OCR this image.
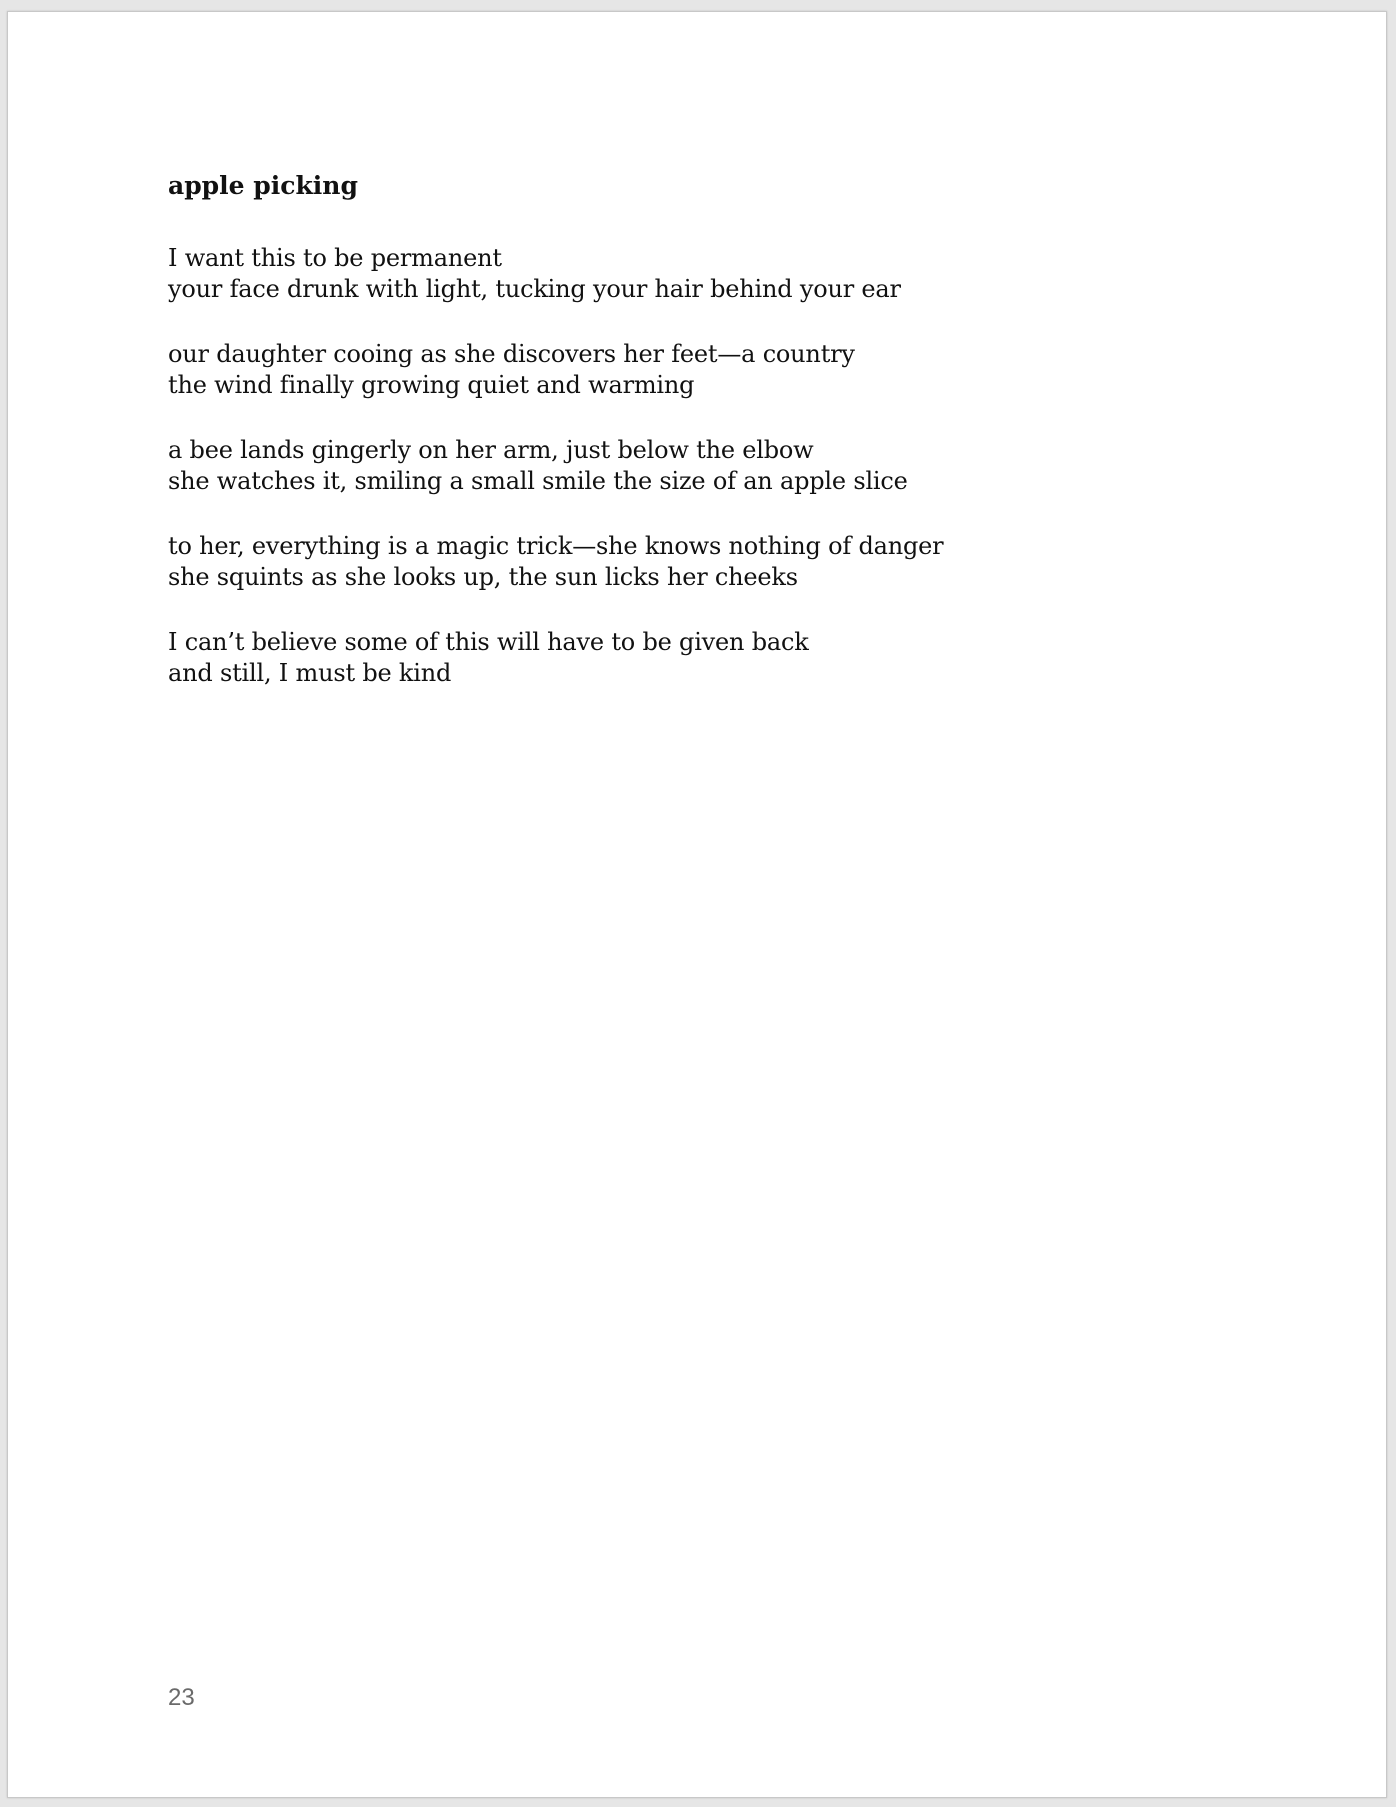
apple picking

I want this to be permanent
your face drunk with light, tucking your hair behind your ear

our daughter cooing as she discovers her feet—a country
the wind finally growing quiet and warming

a bee lands gingerly on her arm, just below the elbow
she watches it, smiling a small smile the size of an apple slice

to her, everything is a magic trick—she knows nothing of danger
she squints as she looks up, the sun licks her cheeks

I can’t believe some of this will have to be given back
and still, I must be kind

23
